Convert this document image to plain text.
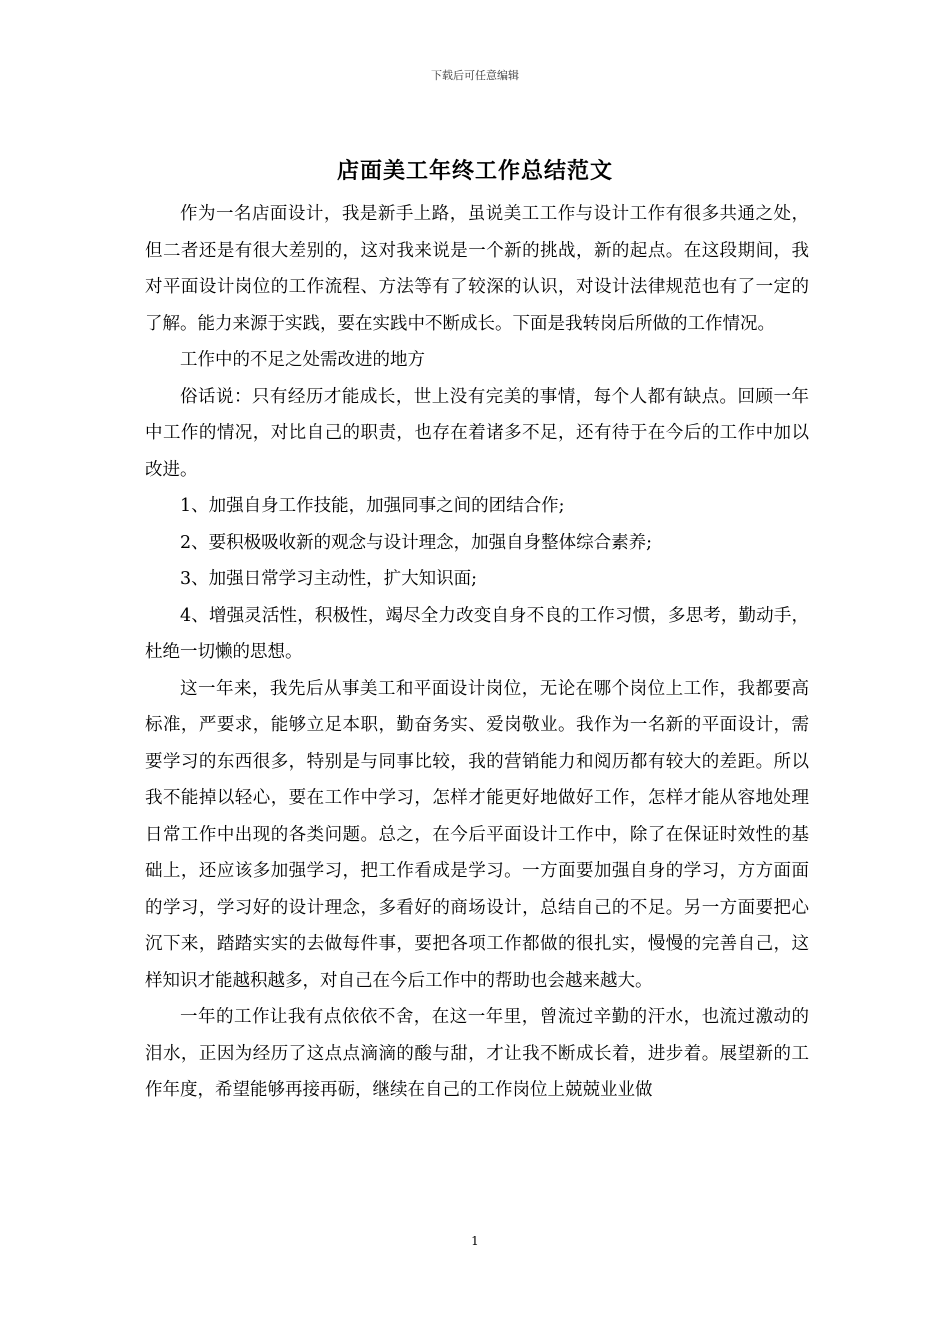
下载后可任意编辑
店面美工年终工作总结范文

作为一名店面设计，我是新手上路，虽说美工工作与设计工作有很多共通之处，但二者还是有很大差别的，这对我来说是一个新的挑战，新的起点。在这段期间，我对平面设计岗位的工作流程、方法等有了较深的认识，对设计法律规范也有了一定的了解。能力来源于实践，要在实践中不断成长。下面是我转岗后所做的工作情况。

工作中的不足之处需改进的地方

俗话说：只有经历才能成长，世上没有完美的事情，每个人都有缺点。回顾一年中工作的情况，对比自己的职责，也存在着诸多不足，还有待于在今后的工作中加以改进。

1、加强自身工作技能，加强同事之间的团结合作;

2、要积极吸收新的观念与设计理念，加强自身整体综合素养;

3、加强日常学习主动性，扩大知识面;

4、增强灵活性，积极性，竭尽全力改变自身不良的工作习惯，多思考，勤动手，杜绝一切懒的思想。

这一年来，我先后从事美工和平面设计岗位，无论在哪个岗位上工作，我都要高标准，严要求，能够立足本职，勤奋务实、爱岗敬业。我作为一名新的平面设计，需要学习的东西很多，特别是与同事比较，我的营销能力和阅历都有较大的差距。所以我不能掉以轻心，要在工作中学习，怎样才能更好地做好工作，怎样才能从容地处理日常工作中出现的各类问题。总之，在今后平面设计工作中，除了在保证时效性的基础上，还应该多加强学习，把工作看成是学习。一方面要加强自身的学习，方方面面的学习，学习好的设计理念，多看好的商场设计，总结自己的不足。另一方面要把心沉下来，踏踏实实的去做每件事，要把各项工作都做的很扎实，慢慢的完善自己，这样知识才能越积越多，对自己在今后工作中的帮助也会越来越大。

一年的工作让我有点依依不舍，在这一年里，曾流过辛勤的汗水，也流过激动的泪水，正因为经历了这点点滴滴的酸与甜，才让我不断成长着，进步着。展望新的工作年度，希望能够再接再砺，继续在自己的工作岗位上兢兢业业做

1
